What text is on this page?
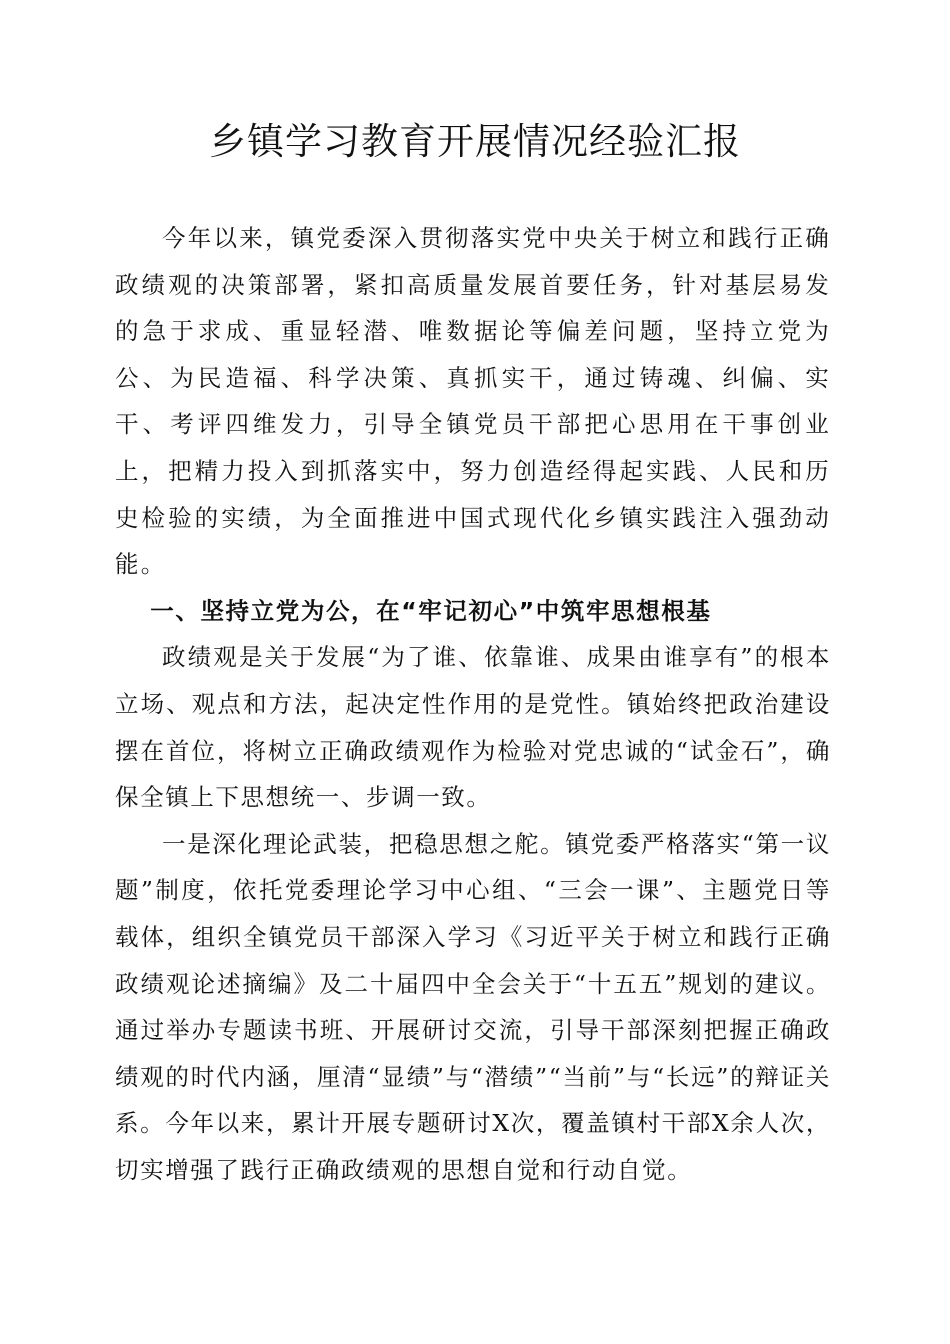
乡镇学习教育开展情况经验汇报

今年以来，镇党委深入贯彻落实党中央关于树立和践行正确政绩观的决策部署，紧扣高质量发展首要任务，针对基层易发的急于求成、重显轻潜、唯数据论等偏差问题，坚持立党为公、为民造福、科学决策、真抓实干，通过铸魂、纠偏、实干、考评四维发力，引导全镇党员干部把心思用在干事创业上，把精力投入到抓落实中，努力创造经得起实践、人民和历史检验的实绩，为全面推进中国式现代化乡镇实践注入强劲动能。

一、坚持立党为公，在“牢记初心”中筑牢思想根基

政绩观是关于发展“为了谁、依靠谁、成果由谁享有”的根本立场、观点和方法，起决定性作用的是党性。镇始终把政治建设摆在首位，将树立正确政绩观作为检验对党忠诚的“试金石”，确保全镇上下思想统一、步调一致。

一是深化理论武装，把稳思想之舵。镇党委严格落实“第一议题”制度，依托党委理论学习中心组、“三会一课”、主题党日等载体，组织全镇党员干部深入学习《习近平关于树立和践行正确政绩观论述摘编》及二十届四中全会关于“十五五”规划的建议。通过举办专题读书班、开展研讨交流，引导干部深刻把握正确政绩观的时代内涵，厘清“显绩”与“潜绩”“当前”与“长远”的辩证关系。今年以来，累计开展专题研讨X次，覆盖镇村干部X余人次，切实增强了践行正确政绩观的思想自觉和行动自觉。
